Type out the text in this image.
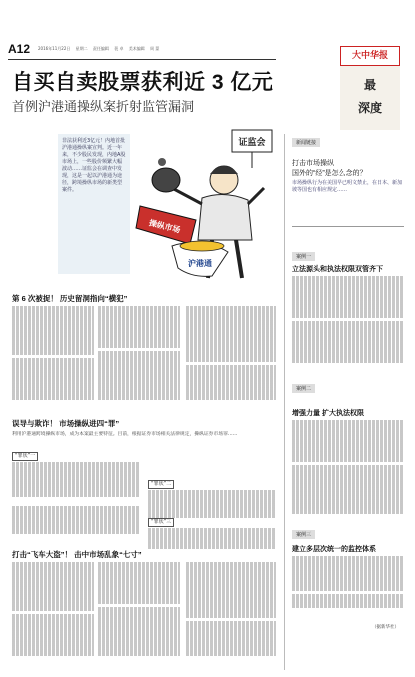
A12 2016年11月22日 星期二 责任编辑 裴 卓 美术编辑 周 蒙
大中华报
最
深度
自买自卖股票获利近 3 亿元
首例沪港通操纵案折射监管漏洞

非法获利近3亿元！内地首批沪港通操纵案宣判。近一年来，不少股民发现，内地A股市场上，一些股价频繁大幅波动……证监会在调查中发现，这是一起以沪港通为途径，跨境操纵市场的新类型案件。

证监会
操纵市场
沪港通
第 6 次被捉！ 历史留洞指向“横犯”
误导与欺诈！ 市场操纵进四“罪”
利用沪港通跨境操纵市场，成为本案最主要特征。目前，根据证券市场相关法律规定，操纵证券市场罪……
“罪状”一
“罪状”二
“罪状”三
打击“飞车大盗”！ 击中市场乱象“七寸”
新闻链接
打击市场操纵
国外的“经”是怎么念的？
市场操纵行为在美国早已明文禁止，在日本、新加坡等国也有相应规定……
案例一
立法源头和执法权限双管齐下
案例二
增强力量 扩大执法权限
案例三
建立多层次统一的监控体系
（据新华社）
